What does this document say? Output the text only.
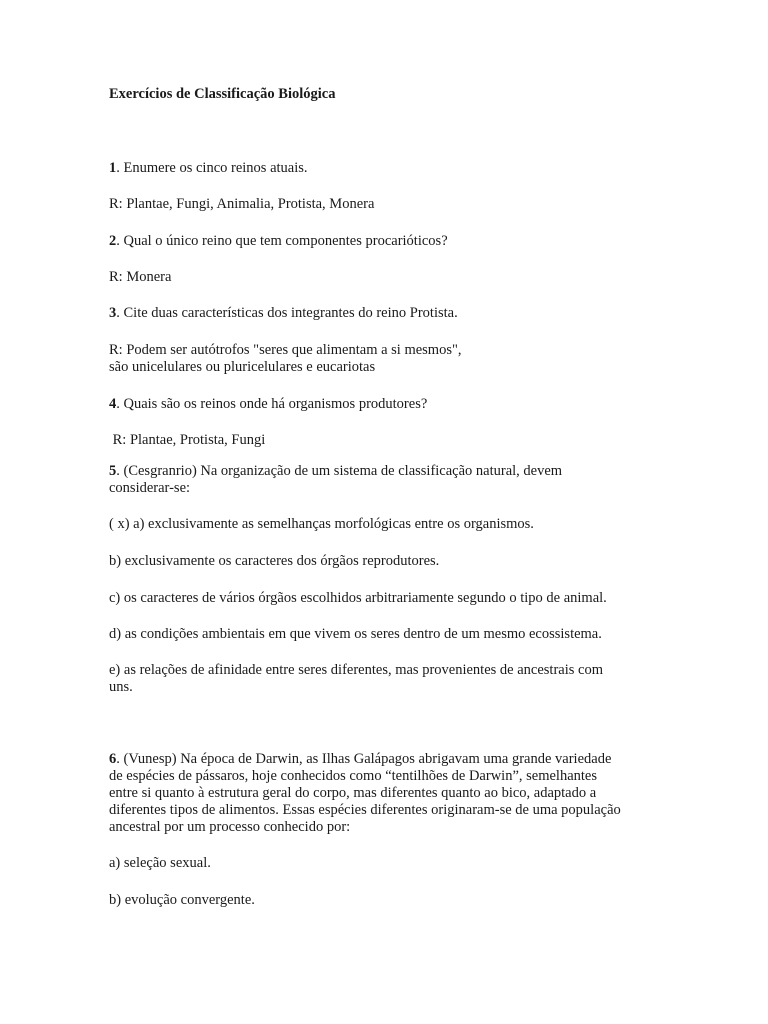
Exercícios de Classificação Biológica
1. Enumere os cinco reinos atuais.
R: Plantae, Fungi, Animalia, Protista, Monera
2. Qual o único reino que tem componentes procarióticos?
R: Monera
3. Cite duas características dos integrantes do reino Protista.
R: Podem ser autótrofos "seres que alimentam a si mesmos",
são unicelulares ou pluricelulares e eucariotas
4. Quais são os reinos onde há organismos produtores?
R: Plantae, Protista, Fungi
5. (Cesgranrio) Na organização de um sistema de classificação natural, devem
considerar-se:
( x) a) exclusivamente as semelhanças morfológicas entre os organismos.
b) exclusivamente os caracteres dos órgãos reprodutores.
c) os caracteres de vários órgãos escolhidos arbitrariamente segundo o tipo de animal.
d) as condições ambientais em que vivem os seres dentro de um mesmo ecossistema.
e) as relações de afinidade entre seres diferentes, mas provenientes de ancestrais com
uns.
6. (Vunesp) Na época de Darwin, as Ilhas Galápagos abrigavam uma grande variedade
de espécies de pássaros, hoje conhecidos como “tentilhões de Darwin”, semelhantes
entre si quanto à estrutura geral do corpo, mas diferentes quanto ao bico, adaptado a
diferentes tipos de alimentos. Essas espécies diferentes originaram-se de uma população
ancestral por um processo conhecido por:
a) seleção sexual.
b) evolução convergente.
